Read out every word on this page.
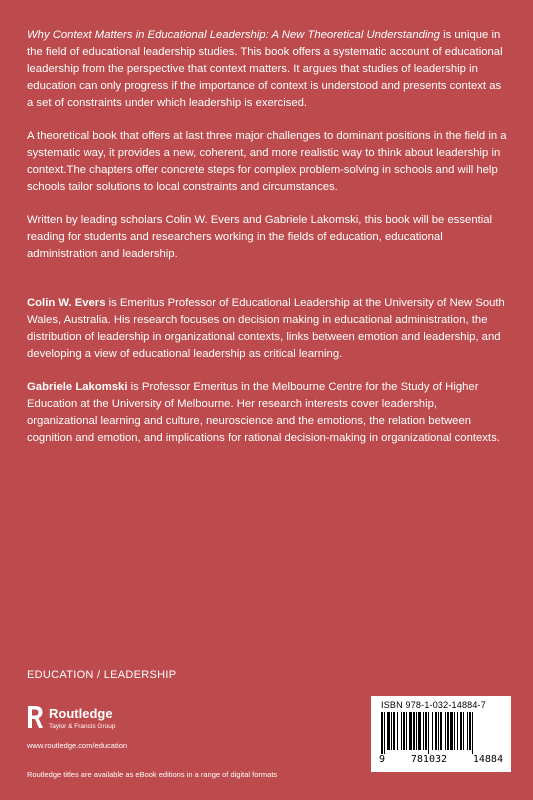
Why Context Matters in Educational Leadership: A New Theoretical Understanding is unique in the field of educational leadership studies. This book offers a systematic account of educational leadership from the perspective that context matters. It argues that studies of leadership in education can only progress if the importance of context is understood and presents context as a set of constraints under which leadership is exercised.

A theoretical book that offers at last three major challenges to dominant positions in the field in a systematic way, it provides a new, coherent, and more realistic way to think about leadership in context.The chapters offer concrete steps for complex problem-solving in schools and will help schools tailor solutions to local constraints and circumstances.

Written by leading scholars Colin W. Evers and Gabriele Lakomski, this book will be essential reading for students and researchers working in the fields of education, educational administration and leadership.

Colin W. Evers is Emeritus Professor of Educational Leadership at the University of New South Wales, Australia. His research focuses on decision making in educational administration, the distribution of leadership in organizational contexts, links between emotion and leadership, and developing a view of educational leadership as critical learning.

Gabriele Lakomski is Professor Emeritus in the Melbourne Centre for the Study of Higher Education at the University of Melbourne. Her research interests cover leadership, organizational learning and culture, neuroscience and the emotions, the relation between cognition and emotion, and implications for rational decision-making in organizational contexts.

EDUCATION / LEADERSHIP
Routledge
Taylor & Francis Group
www.routledge.com/education
Routledge titles are available as eBook editions in a range of digital formats
ISBN 978-1-032-14884-7
9	781032	14884
an informa business
